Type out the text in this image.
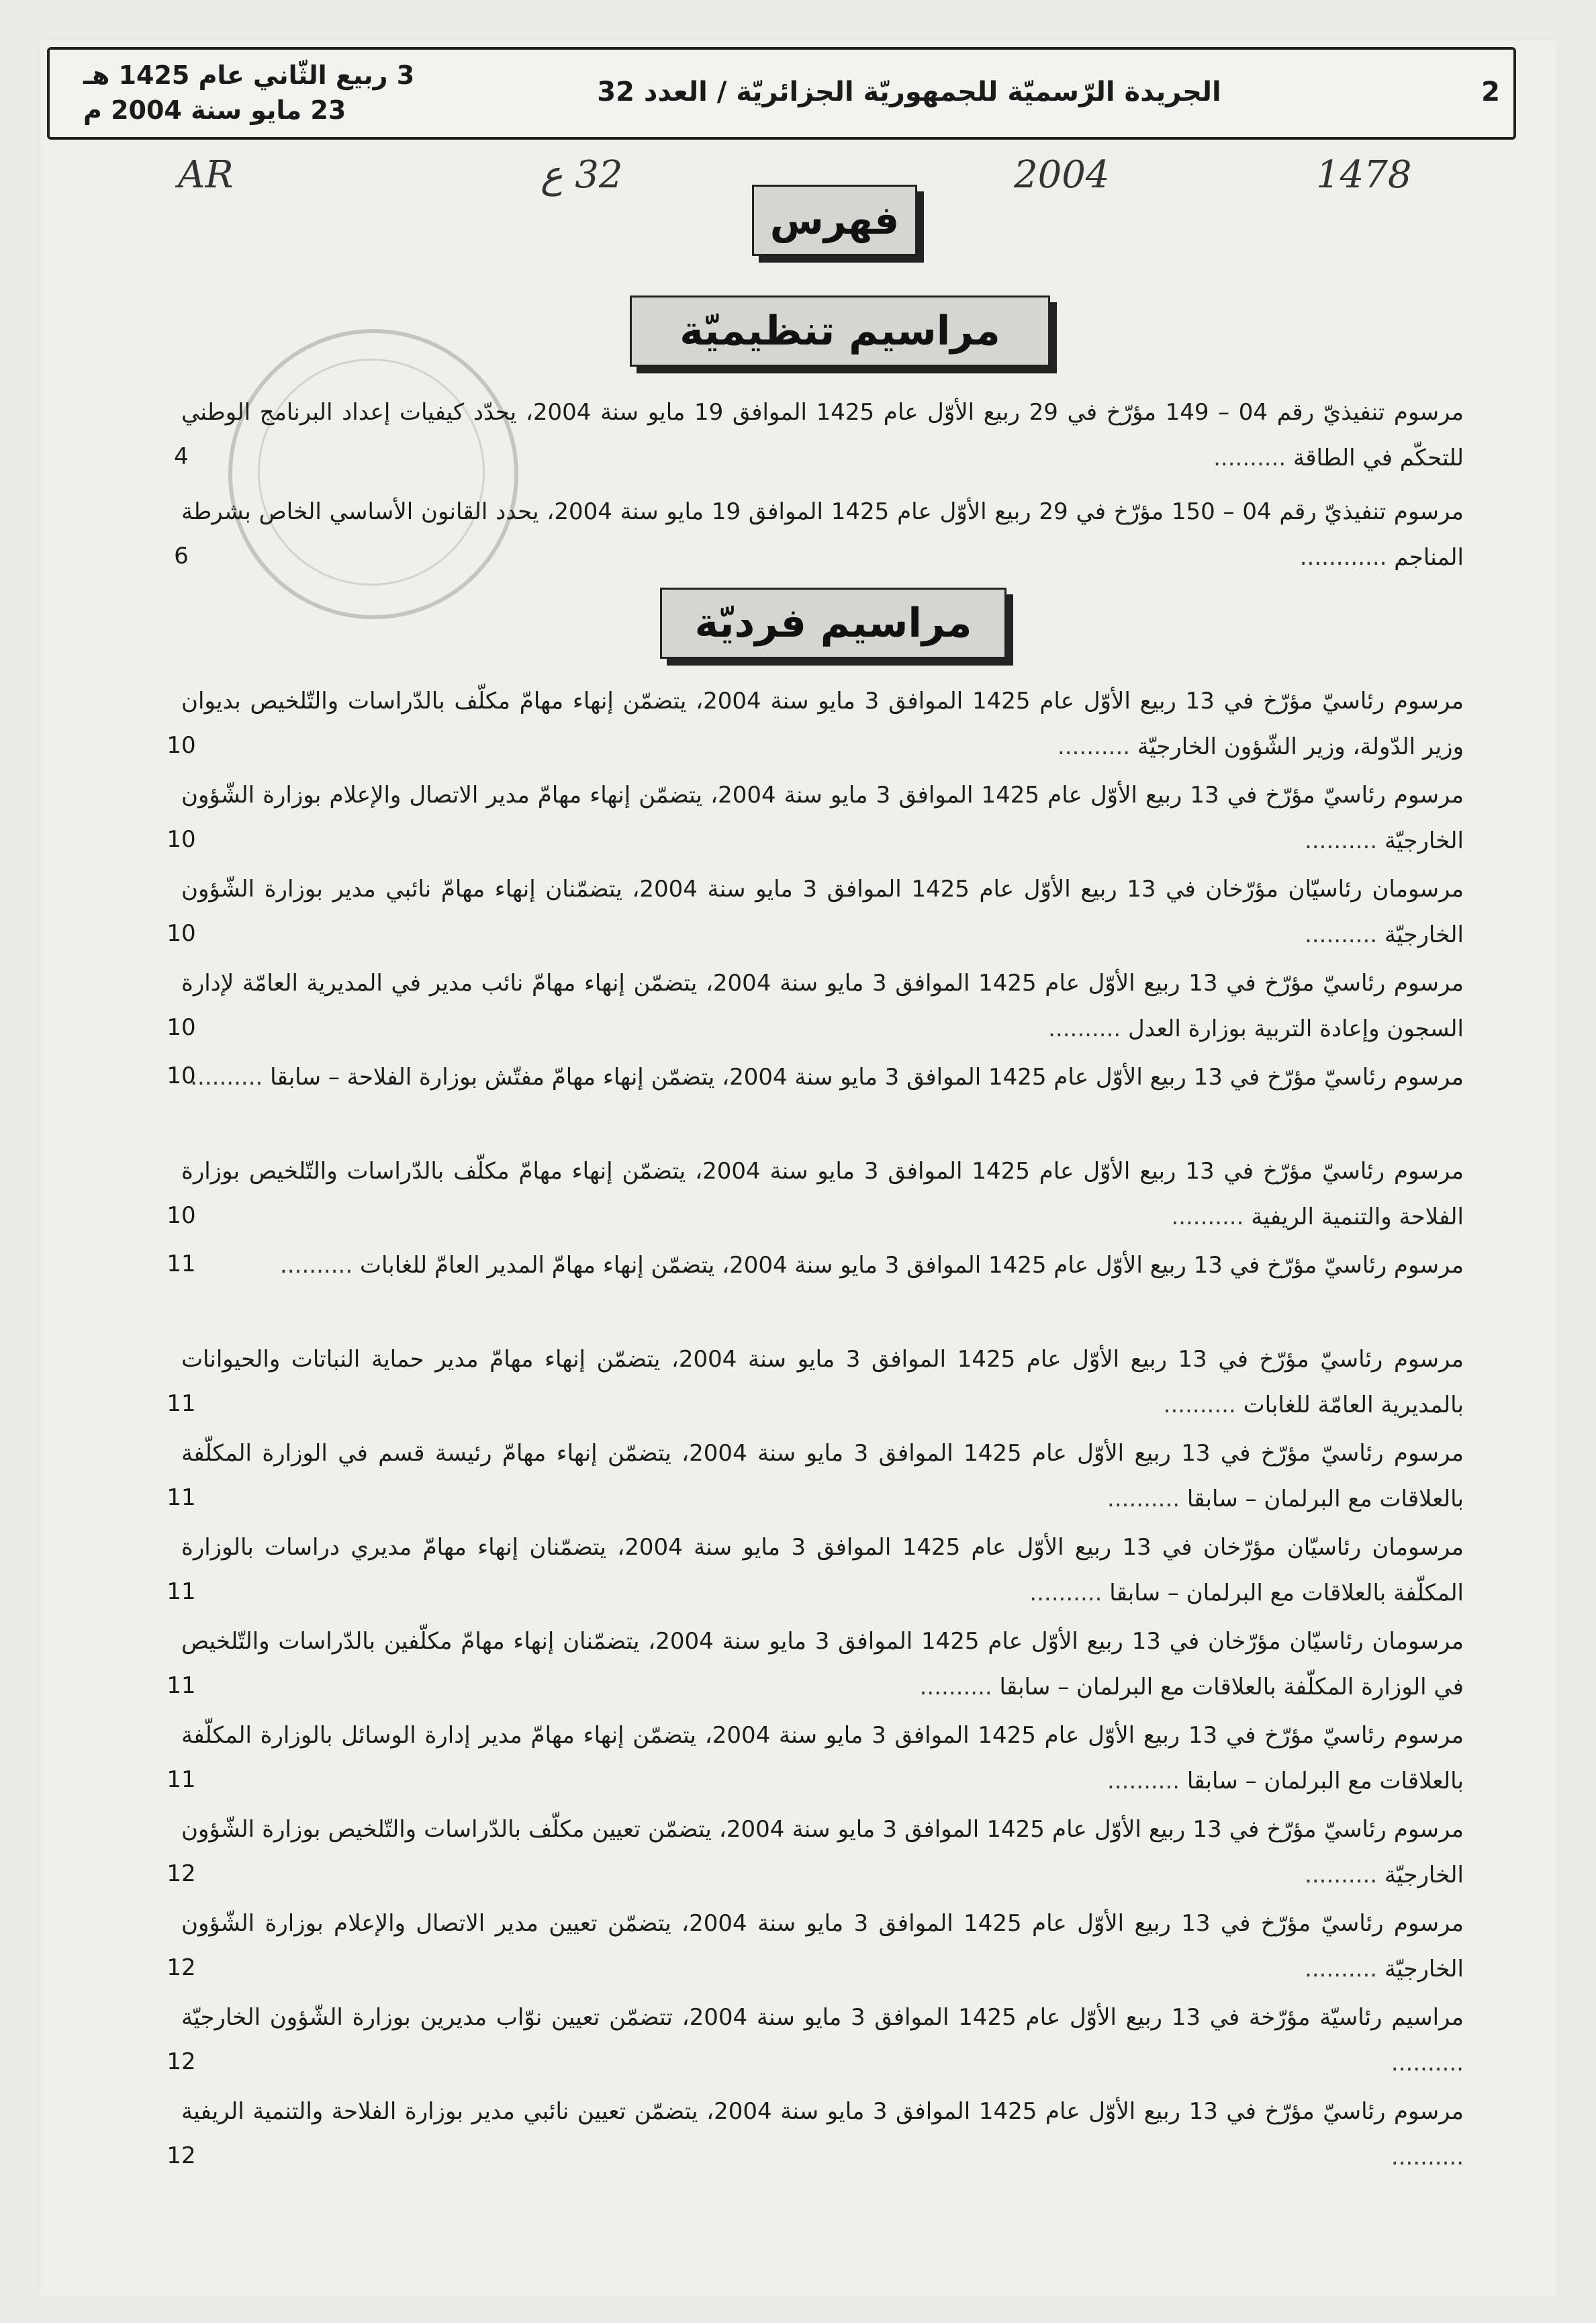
3 ربيع الثّاني عام 1425 هـ
23 مايو سنة 2004 م
الجريدة الرّسميّة للجمهوريّة الجزائريّة / العدد 32	2
AR	32 ع	2004	1478
فهرس
مراسيم تنظيميّة
مراسيم فرديّة
مرسوم تنفيذيّ رقم 04 – 149 مؤرّخ في 29 ربيع الأوّل عام 1425 الموافق 19 مايو سنة 2004، يحدّد كيفيات إعداد البرنامج الوطني للتحكّم في الطاقة ..........
4
مرسوم تنفيذيّ رقم 04 – 150 مؤرّخ في 29 ربيع الأوّل عام 1425 الموافق 19 مايو سنة 2004، يحدد القانون الأساسي الخاص بشرطة المناجم ............
6
مرسوم رئاسيّ مؤرّخ في 13 ربيع الأوّل عام 1425 الموافق 3 مايو سنة 2004، يتضمّن إنهاء مهامّ مكلّف بالدّراسات والتّلخيص بديوان وزير الدّولة، وزير الشّؤون الخارجيّة ..........
10
مرسوم رئاسيّ مؤرّخ في 13 ربيع الأوّل عام 1425 الموافق 3 مايو سنة 2004، يتضمّن إنهاء مهامّ مدير الاتصال والإعلام بوزارة الشّؤون الخارجيّة ..........
10
مرسومان رئاسيّان مؤرّخان في 13 ربيع الأوّل عام 1425 الموافق 3 مايو سنة 2004، يتضمّنان إنهاء مهامّ نائبي مدير بوزارة الشّؤون الخارجيّة ..........
10
مرسوم رئاسيّ مؤرّخ في 13 ربيع الأوّل عام 1425 الموافق 3 مايو سنة 2004، يتضمّن إنهاء مهامّ نائب مدير في المديرية العامّة لإدارة السجون وإعادة التربية بوزارة العدل ..........
10
مرسوم رئاسيّ مؤرّخ في 13 ربيع الأوّل عام 1425 الموافق 3 مايو سنة 2004، يتضمّن إنهاء مهامّ مفتّش بوزارة الفلاحة – سابقا ..........
10
مرسوم رئاسيّ مؤرّخ في 13 ربيع الأوّل عام 1425 الموافق 3 مايو سنة 2004، يتضمّن إنهاء مهامّ مكلّف بالدّراسات والتّلخيص بوزارة الفلاحة والتنمية الريفية ..........
10
مرسوم رئاسيّ مؤرّخ في 13 ربيع الأوّل عام 1425 الموافق 3 مايو سنة 2004، يتضمّن إنهاء مهامّ المدير العامّ للغابات ..........
11
مرسوم رئاسيّ مؤرّخ في 13 ربيع الأوّل عام 1425 الموافق 3 مايو سنة 2004، يتضمّن إنهاء مهامّ مدير حماية النباتات والحيوانات بالمديرية العامّة للغابات ..........
11
مرسوم رئاسيّ مؤرّخ في 13 ربيع الأوّل عام 1425 الموافق 3 مايو سنة 2004، يتضمّن إنهاء مهامّ رئيسة قسم في الوزارة المكلّفة بالعلاقات مع البرلمان – سابقا ..........
11
مرسومان رئاسيّان مؤرّخان في 13 ربيع الأوّل عام 1425 الموافق 3 مايو سنة 2004، يتضمّنان إنهاء مهامّ مديري دراسات بالوزارة المكلّفة بالعلاقات مع البرلمان – سابقا ..........
11
مرسومان رئاسيّان مؤرّخان في 13 ربيع الأوّل عام 1425 الموافق 3 مايو سنة 2004، يتضمّنان إنهاء مهامّ مكلّفين بالدّراسات والتّلخيص في الوزارة المكلّفة بالعلاقات مع البرلمان – سابقا ..........
11
مرسوم رئاسيّ مؤرّخ في 13 ربيع الأوّل عام 1425 الموافق 3 مايو سنة 2004، يتضمّن إنهاء مهامّ مدير إدارة الوسائل بالوزارة المكلّفة بالعلاقات مع البرلمان – سابقا ..........
11
مرسوم رئاسيّ مؤرّخ في 13 ربيع الأوّل عام 1425 الموافق 3 مايو سنة 2004، يتضمّن تعيين مكلّف بالدّراسات والتّلخيص بوزارة الشّؤون الخارجيّة ..........
12
مرسوم رئاسيّ مؤرّخ في 13 ربيع الأوّل عام 1425 الموافق 3 مايو سنة 2004، يتضمّن تعيين مدير الاتصال والإعلام بوزارة الشّؤون الخارجيّة ..........
12
مراسيم رئاسيّة مؤرّخة في 13 ربيع الأوّل عام 1425 الموافق 3 مايو سنة 2004، تتضمّن تعيين نوّاب مديرين بوزارة الشّؤون الخارجيّة ..........
12
مرسوم رئاسيّ مؤرّخ في 13 ربيع الأوّل عام 1425 الموافق 3 مايو سنة 2004، يتضمّن تعيين نائبي مدير بوزارة الفلاحة والتنمية الريفية ..........
12
